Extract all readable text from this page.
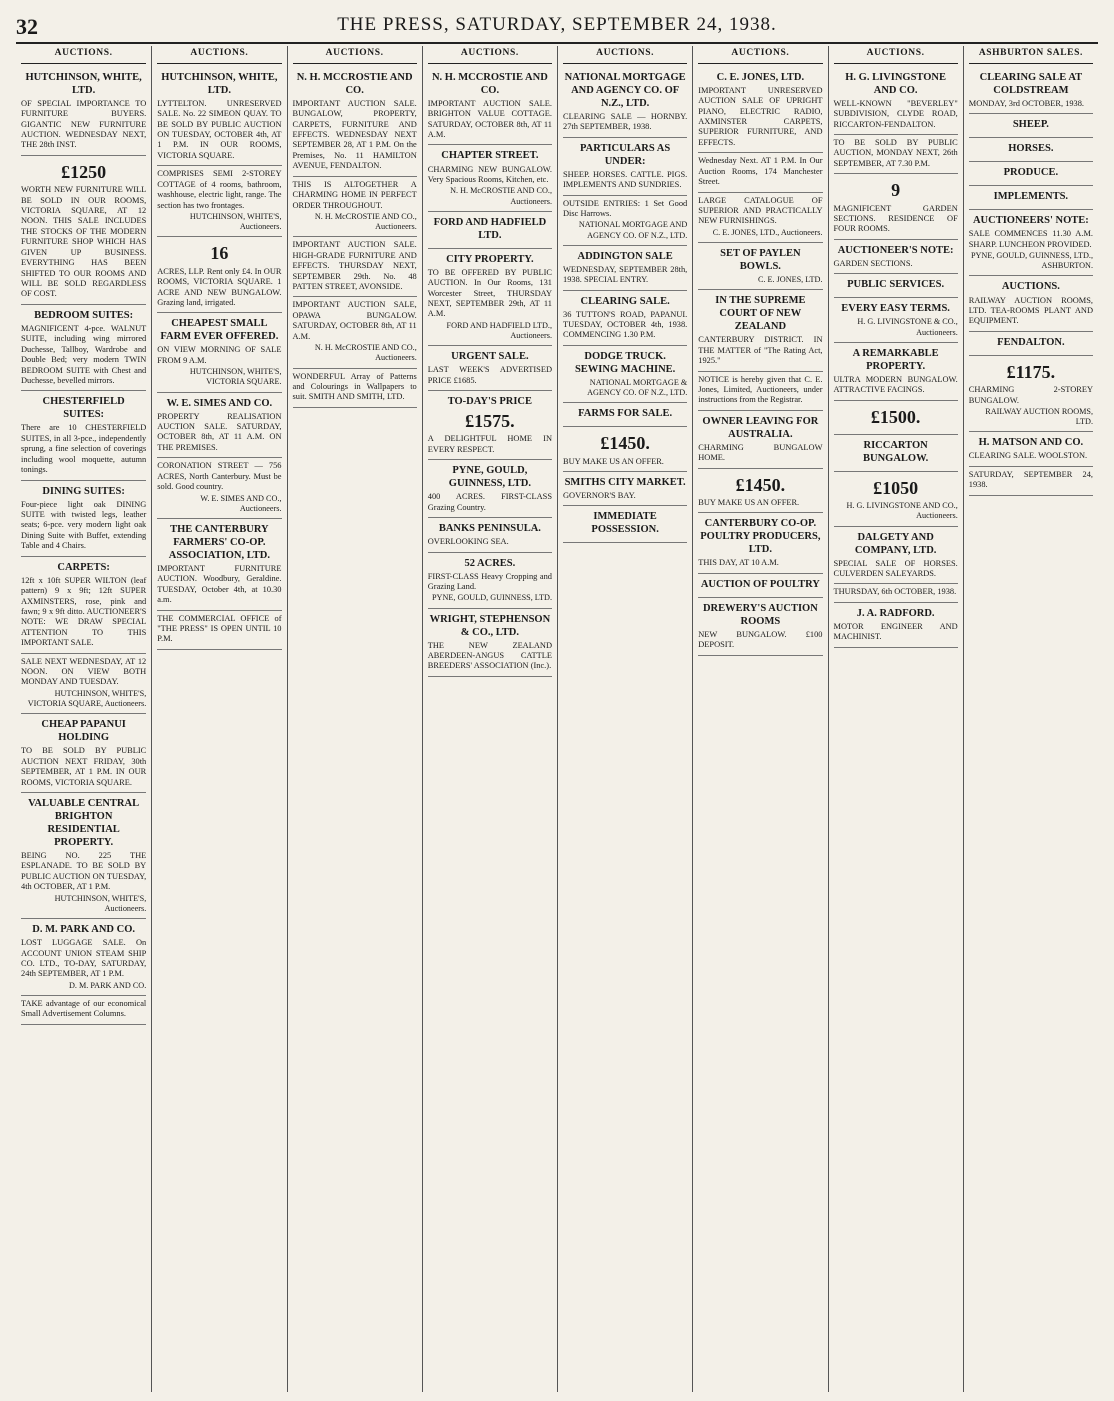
32	THE PRESS, SATURDAY, SEPTEMBER 24, 1938.
AUCTIONS.
HUTCHINSON, WHITE, LTD.

OF SPECIAL IMPORTANCE TO FURNITURE BUYERS. GIGANTIC NEW FURNITURE AUCTION. WEDNESDAY NEXT, THE 28th INST.

£1250

WORTH NEW FURNITURE WILL BE SOLD IN OUR ROOMS, VICTORIA SQUARE, AT 12 NOON. THIS SALE INCLUDES THE STOCKS OF THE MODERN FURNITURE SHOP WHICH HAS GIVEN UP BUSINESS. EVERYTHING HAS BEEN SHIFTED TO OUR ROOMS AND WILL BE SOLD REGARDLESS OF COST.

BEDROOM SUITES:

MAGNIFICENT 4-pce. WALNUT SUITE, including wing mirrored Duchesse, Tallboy, Wardrobe and Double Bed; very modern TWIN BEDROOM SUITE with Chest and Duchesse, bevelled mirrors.

CHESTERFIELD SUITES:

There are 10 CHESTERFIELD SUITES, in all 3-pce., independently sprung, a fine selection of coverings including wool moquette, autumn tonings.

DINING SUITES:

Four-piece light oak DINING SUITE with twisted legs, leather seats; 6-pce. very modern light oak Dining Suite with Buffet, extending Table and 4 Chairs.

CARPETS:

12ft x 10ft SUPER WILTON (leaf pattern) 9 x 9ft; 12ft SUPER AXMINSTERS, rose, pink and fawn; 9 x 9ft ditto. AUCTIONEER'S NOTE: WE DRAW SPECIAL ATTENTION TO THIS IMPORTANT SALE.

SALE NEXT WEDNESDAY, AT 12 NOON. ON VIEW BOTH MONDAY AND TUESDAY.

HUTCHINSON, WHITE'S, VICTORIA SQUARE, Auctioneers.
CHEAP PAPANUI HOLDING

TO BE SOLD BY PUBLIC AUCTION NEXT FRIDAY, 30th SEPTEMBER, AT 1 P.M. IN OUR ROOMS, VICTORIA SQUARE.

VALUABLE CENTRAL BRIGHTON RESIDENTIAL PROPERTY.

BEING NO. 225 THE ESPLANADE. TO BE SOLD BY PUBLIC AUCTION ON TUESDAY, 4th OCTOBER, AT 1 P.M.

HUTCHINSON, WHITE'S, Auctioneers.
D. M. PARK AND CO.

LOST LUGGAGE SALE. On ACCOUNT UNION STEAM SHIP CO. LTD., TO-DAY, SATURDAY, 24th SEPTEMBER, AT 1 P.M.

D. M. PARK AND CO.

TAKE advantage of our economical Small Advertisement Columns.

AUCTIONS.
HUTCHINSON, WHITE, LTD.

LYTTELTON. UNRESERVED SALE. No. 22 SIMEON QUAY. TO BE SOLD BY PUBLIC AUCTION ON TUESDAY, OCTOBER 4th, AT 1 P.M. IN OUR ROOMS, VICTORIA SQUARE.

COMPRISES SEMI 2-STOREY COTTAGE of 4 rooms, bathroom, washhouse, electric light, range. The section has two frontages.

HUTCHINSON, WHITE'S, Auctioneers.
16

ACRES, LLP. Rent only £4. In OUR ROOMS, VICTORIA SQUARE. 1 ACRE AND NEW BUNGALOW. Grazing land, irrigated.

CHEAPEST SMALL FARM EVER OFFERED.

ON VIEW MORNING OF SALE FROM 9 A.M.

HUTCHINSON, WHITE'S, VICTORIA SQUARE.
W. E. SIMES AND CO.

PROPERTY REALISATION AUCTION SALE. SATURDAY, OCTOBER 8th, AT 11 A.M. ON THE PREMISES.

CORONATION STREET — 756 ACRES, North Canterbury. Must be sold. Good country.

W. E. SIMES AND CO., Auctioneers.
THE CANTERBURY FARMERS' CO-OP. ASSOCIATION, LTD.

IMPORTANT FURNITURE AUCTION. Woodbury, Geraldine. TUESDAY, October 4th, at 10.30 a.m.

THE COMMERCIAL OFFICE of "THE PRESS" IS OPEN UNTIL 10 P.M.

AUCTIONS.
N. H. MCCROSTIE AND CO.

IMPORTANT AUCTION SALE. BUNGALOW, PROPERTY, CARPETS, FURNITURE AND EFFECTS. WEDNESDAY NEXT SEPTEMBER 28, AT 1 P.M. On the Premises, No. 11 HAMILTON AVENUE, FENDALTON.

THIS IS ALTOGETHER A CHARMING HOME IN PERFECT ORDER THROUGHOUT.

N. H. McCROSTIE AND CO., Auctioneers.

IMPORTANT AUCTION SALE. HIGH-GRADE FURNITURE AND EFFECTS. THURSDAY NEXT, SEPTEMBER 29th. No. 48 PATTEN STREET, AVONSIDE.

IMPORTANT AUCTION SALE, OPAWA BUNGALOW. SATURDAY, OCTOBER 8th, AT 11 A.M.

N. H. McCROSTIE AND CO., Auctioneers.

WONDERFUL Array of Patterns and Colourings in Wallpapers to suit. SMITH AND SMITH, LTD.

AUCTIONS.
N. H. MCCROSTIE AND CO.

IMPORTANT AUCTION SALE. BRIGHTON VALUE COTTAGE. SATURDAY, OCTOBER 8th, AT 11 A.M.

CHAPTER STREET.

CHARMING NEW BUNGALOW. Very Spacious Rooms, Kitchen, etc.

N. H. McCROSTIE AND CO., Auctioneers.
FORD AND HADFIELD LTD.
CITY PROPERTY.

TO BE OFFERED BY PUBLIC AUCTION. In Our Rooms, 131 Worcester Street, THURSDAY NEXT, SEPTEMBER 29th, AT 11 A.M.

FORD AND HADFIELD LTD., Auctioneers.
URGENT SALE.

LAST WEEK'S ADVERTISED PRICE £1685.

TO-DAY'S PRICE
£1575.

A DELIGHTFUL HOME IN EVERY RESPECT.

PYNE, GOULD, GUINNESS, LTD.

400 ACRES. FIRST-CLASS Grazing Country.

BANKS PENINSULA.

OVERLOOKING SEA.

52 ACRES.

FIRST-CLASS Heavy Cropping and Grazing Land.

PYNE, GOULD, GUINNESS, LTD.
WRIGHT, STEPHENSON & CO., LTD.

THE NEW ZEALAND ABERDEEN-ANGUS CATTLE BREEDERS' ASSOCIATION (Inc.).

AUCTIONS.
NATIONAL MORTGAGE AND AGENCY CO. OF N.Z., LTD.

CLEARING SALE — HORNBY. 27th SEPTEMBER, 1938.

PARTICULARS AS UNDER:

SHEEP. HORSES. CATTLE. PIGS. IMPLEMENTS AND SUNDRIES.

OUTSIDE ENTRIES: 1 Set Good Disc Harrows.

NATIONAL MORTGAGE AND AGENCY CO. OF N.Z., LTD.
ADDINGTON SALE

WEDNESDAY, SEPTEMBER 28th, 1938. SPECIAL ENTRY.

CLEARING SALE.

36 TUTTON'S ROAD, PAPANUI. TUESDAY, OCTOBER 4th, 1938. COMMENCING 1.30 P.M.

DODGE TRUCK. SEWING MACHINE.
NATIONAL MORTGAGE & AGENCY CO. OF N.Z., LTD.
FARMS FOR SALE.
£1450.

BUY MAKE US AN OFFER.

SMITHS CITY MARKET.

GOVERNOR'S BAY.

IMMEDIATE POSSESSION.
AUCTIONS.
C. E. JONES, LTD.

IMPORTANT UNRESERVED AUCTION SALE OF UPRIGHT PIANO, ELECTRIC RADIO, AXMINSTER CARPETS, SUPERIOR FURNITURE, AND EFFECTS.

Wednesday Next. AT 1 P.M. In Our Auction Rooms, 174 Manchester Street.

LARGE CATALOGUE OF SUPERIOR AND PRACTICALLY NEW FURNISHINGS.

C. E. JONES, LTD., Auctioneers.
SET OF PAYLEN BOWLS.
C. E. JONES, LTD.
IN THE SUPREME COURT OF NEW ZEALAND

CANTERBURY DISTRICT. IN THE MATTER of "The Rating Act, 1925."

NOTICE is hereby given that C. E. Jones, Limited, Auctioneers, under instructions from the Registrar.

OWNER LEAVING FOR AUSTRALIA.

CHARMING BUNGALOW HOME.

£1450.

BUY MAKE US AN OFFER.

CANTERBURY CO-OP. POULTRY PRODUCERS, LTD.

THIS DAY, AT 10 A.M.

AUCTION OF POULTRY
DREWERY'S AUCTION ROOMS

NEW BUNGALOW. £100 DEPOSIT.

AUCTIONS.
H. G. LIVINGSTONE AND CO.

WELL-KNOWN "BEVERLEY" SUBDIVISION, CLYDE ROAD, RICCARTON-FENDALTON.

TO BE SOLD BY PUBLIC AUCTION, MONDAY NEXT, 26th SEPTEMBER, AT 7.30 P.M.

9

MAGNIFICENT GARDEN SECTIONS. RESIDENCE OF FOUR ROOMS.

AUCTIONEER'S NOTE:

GARDEN SECTIONS.

PUBLIC SERVICES.
EVERY EASY TERMS.
H. G. LIVINGSTONE & CO., Auctioneers.
A REMARKABLE PROPERTY.

ULTRA MODERN BUNGALOW. ATTRACTIVE FACINGS.

£1500.
RICCARTON BUNGALOW.
£1050
H. G. LIVINGSTONE AND CO., Auctioneers.
DALGETY AND COMPANY, LTD.

SPECIAL SALE OF HORSES. CULVERDEN SALEYARDS.

THURSDAY, 6th OCTOBER, 1938.

J. A. RADFORD.

MOTOR ENGINEER AND MACHINIST.

ASHBURTON SALES.
CLEARING SALE AT COLDSTREAM

MONDAY, 3rd OCTOBER, 1938.

SHEEP.
HORSES.
PRODUCE.
IMPLEMENTS.
AUCTIONEERS' NOTE:

SALE COMMENCES 11.30 A.M. SHARP. LUNCHEON PROVIDED.

PYNE, GOULD, GUINNESS, LTD., ASHBURTON.
AUCTIONS.

RAILWAY AUCTION ROOMS, LTD. TEA-ROOMS PLANT AND EQUIPMENT.

FENDALTON.
£1175.

CHARMING 2-STOREY BUNGALOW.

RAILWAY AUCTION ROOMS, LTD.
H. MATSON AND CO.

CLEARING SALE. WOOLSTON.

SATURDAY, SEPTEMBER 24, 1938.
